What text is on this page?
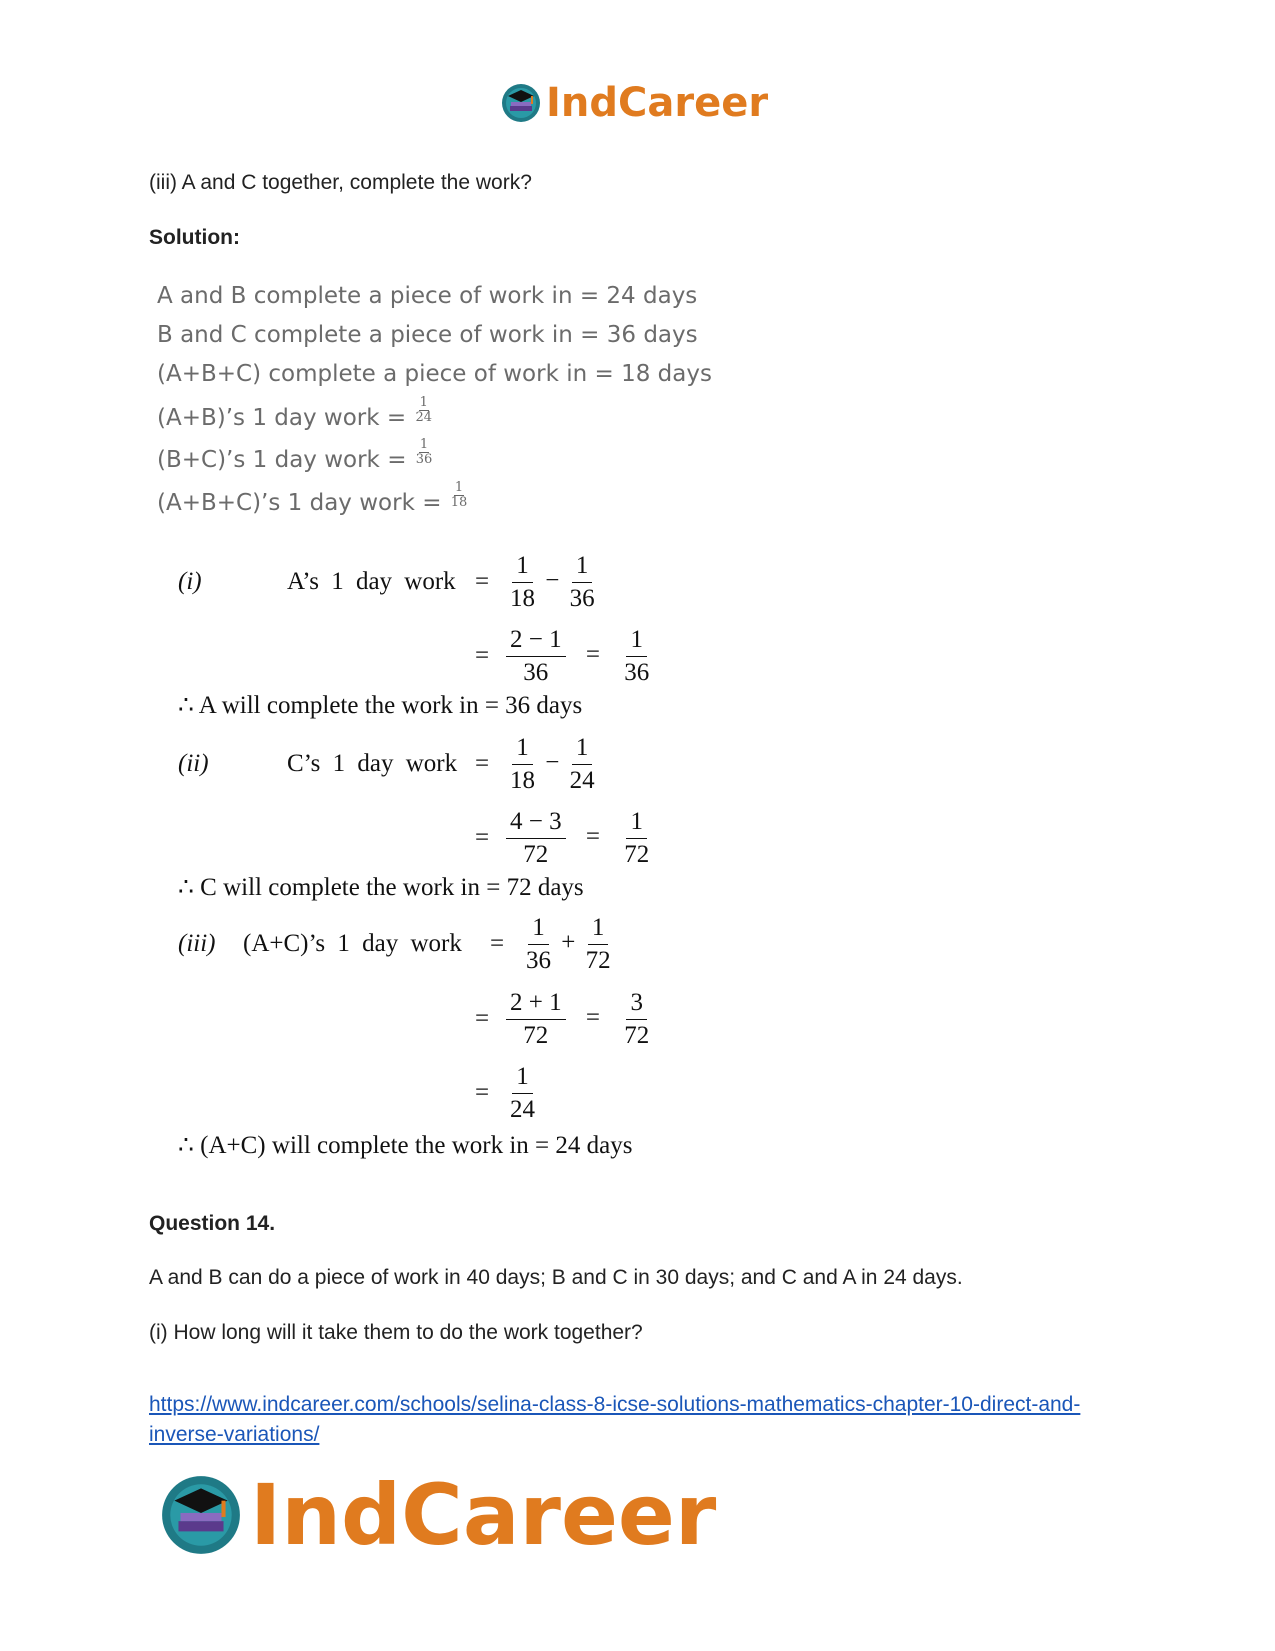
IndCareer
(iii) A and C together, complete the work?
Solution:
A and B complete a piece of work in = 24 days
B and C complete a piece of work in = 36 days
(A+B+C) complete a piece of work in = 18 days
(A+B)’s 1 day work = $\frac{1}{24}$
(B+C)’s 1 day work = $\frac{1}{36}$
(A+B+C)’s 1 day work = $\frac{1}{18}$
(i)	A’s 1 day work = $\frac{1}{18} - \frac{1}{36}$
= $\frac{2 - 1}{36} = \frac{1}{36}$
∴ A will complete the work in = 36 days
(ii)	C’s 1 day work = $\frac{1}{18} - \frac{1}{24}$
= $\frac{4 - 3}{72} = \frac{1}{72}$
∴ C will complete the work in = 72 days
(iii) (A+C)’s 1 day work = $\frac{1}{36} + \frac{1}{72}$
= $\frac{2 + 1}{72} = \frac{3}{72}$
= $\frac{1}{24}$
∴ (A+C) will complete the work in = 24 days
Question 14.
A and B can do a piece of work in 40 days; B and C in 30 days; and C and A in 24 days.
(i) How long will it take them to do the work together?
https://www.indcareer.com/schools/selina-class-8-icse-solutions-mathematics-chapter-10-direct-and-inverse-variations/
IndCareer
